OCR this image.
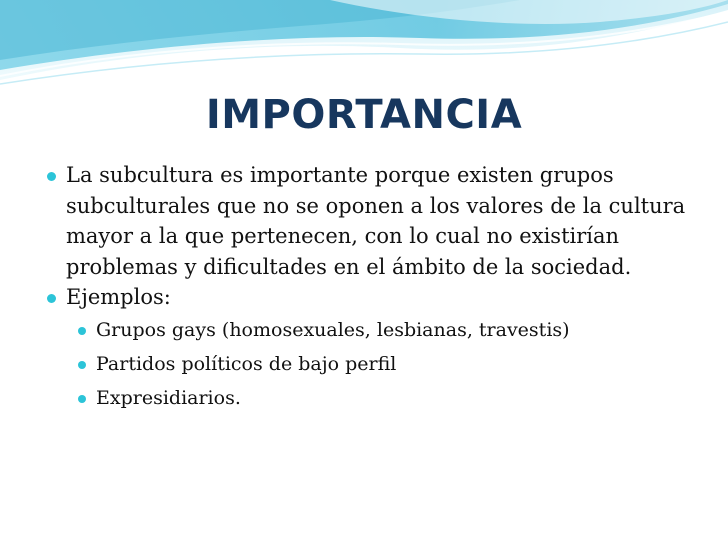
IMPORTANCIA
La subcultura es importante porque existen grupos subculturales que no se oponen a los valores de la cultura mayor a la que pertenecen, con lo cual no existirían problemas y dificultades en el ámbito de la sociedad.
Ejemplos:
Grupos gays (homosexuales, lesbianas, travestis)
Partidos políticos de bajo perfil
Expresidiarios.
